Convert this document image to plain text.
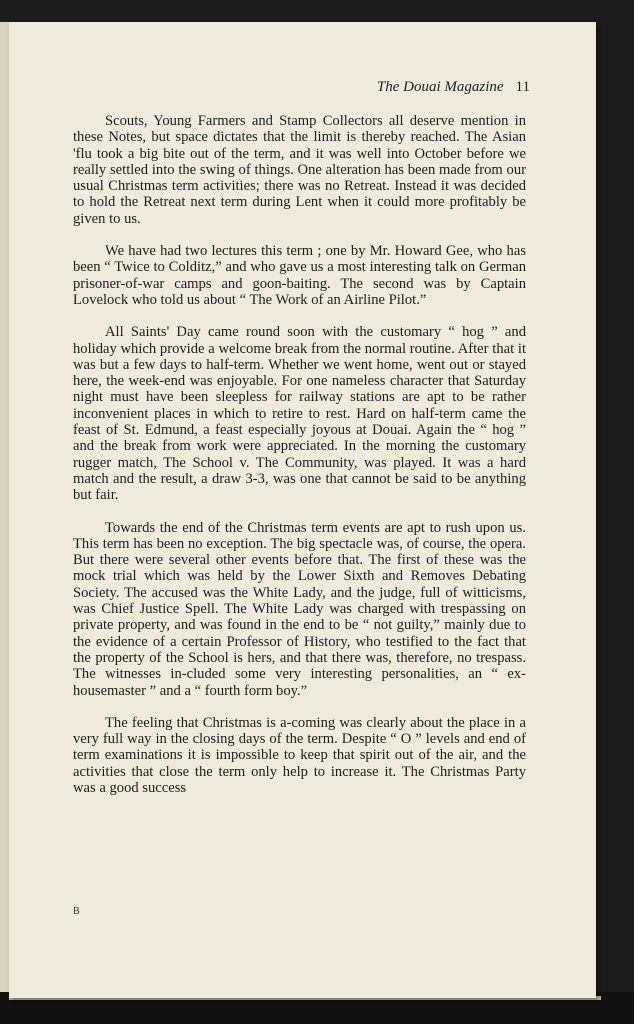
The Douai Magazine 11

Scouts, Young Farmers and Stamp Collectors all deserve mention in these Notes, but space dictates that the limit is thereby reached. The Asian 'flu took a big bite out of the term, and it was well into October before we really settled into the swing of things. One alteration has been made from our usual Christmas term activities; there was no Retreat. Instead it was decided to hold the Retreat next term during Lent when it could more profitably be given to us.

We have had two lectures this term ; one by Mr. Howard Gee, who has been “ Twice to Colditz,” and who gave us a most interesting talk on German prisoner-of-war camps and goon-baiting. The second was by Captain Lovelock who told us about “ The Work of an Airline Pilot.”

All Saints' Day came round soon with the customary “ hog ” and holiday which provide a welcome break from the normal routine. After that it was but a few days to half-term. Whether we went home, went out or stayed here, the week-end was enjoyable. For one nameless character that Saturday night must have been sleepless for railway stations are apt to be rather inconvenient places in which to retire to rest. Hard on half-term came the feast of St. Edmund, a feast especially joyous at Douai. Again the “ hog ” and the break from work were appreciated. In the morning the customary rugger match, The School v. The Community, was played. It was a hard match and the result, a draw 3-3, was one that cannot be said to be anything but fair.

Towards the end of the Christmas term events are apt to rush upon us. This term has been no exception. The big spectacle was, of course, the opera. But there were several other events before that. The first of these was the mock trial which was held by the Lower Sixth and Removes Debating Society. The accused was the White Lady, and the judge, full of witticisms, was Chief Justice Spell. The White Lady was charged with trespassing on private property, and was found in the end to be “ not guilty,” mainly due to the evidence of a certain Professor of History, who testified to the fact that the property of the School is hers, and that there was, therefore, no trespass. The witnesses in-cluded some very interesting personalities, an “ ex-housemaster ” and a “ fourth form boy.”

The feeling that Christmas is a-coming was clearly about the place in a very full way in the closing days of the term. Despite “ O ” levels and end of term examinations it is impossible to keep that spirit out of the air, and the activities that close the term only help to increase it. The Christmas Party was a good success

B
